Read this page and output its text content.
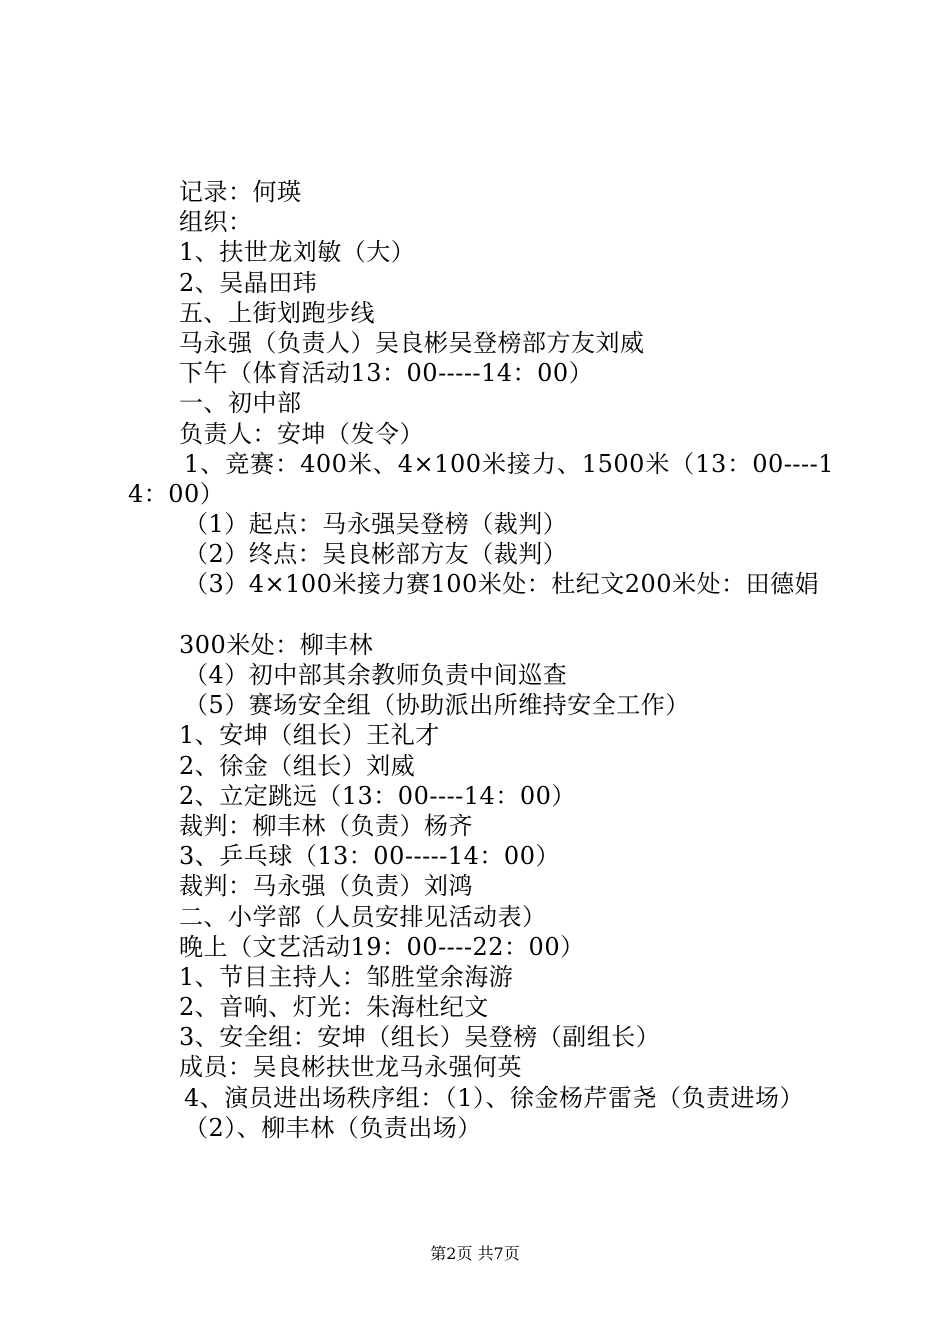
记录：何瑛
组织：
1、扶世龙刘敏（大）
2、吴晶田玮
五、上街划跑步线
马永强（负责人）吴良彬吴登榜部方友刘威
下午（体育活动13：00-----14：00）
一、初中部
负责人：安坤（发令）
1、竞赛：400米、4×100米接力、1500米（13：00----14：00）
（1）起点：马永强吴登榜（裁判）
（2）终点：吴良彬部方友（裁判）
（3）4×100米接力赛100米处：杜纪文200米处：田德娟
300米处：柳丰林
（4）初中部其余教师负责中间巡查
（5）赛场安全组（协助派出所维持安全工作）
1、安坤（组长）王礼才
2、徐金（组长）刘威
2、立定跳远（13：00----14：00）
裁判：柳丰林（负责）杨齐
3、乒乓球（13：00-----14：00）
裁判：马永强（负责）刘鸿
二、小学部（人员安排见活动表）
晚上（文艺活动19：00----22：00）
1、节目主持人：邹胜堂余海游
2、音响、灯光：朱海杜纪文
3、安全组：安坤（组长）吴登榜（副组长）
成员：吴良彬扶世龙马永强何英
4、演员进出场秩序组：（1）、徐金杨芹雷尧（负责进场）
（2）、柳丰林（负责出场）
第2页 共7页
